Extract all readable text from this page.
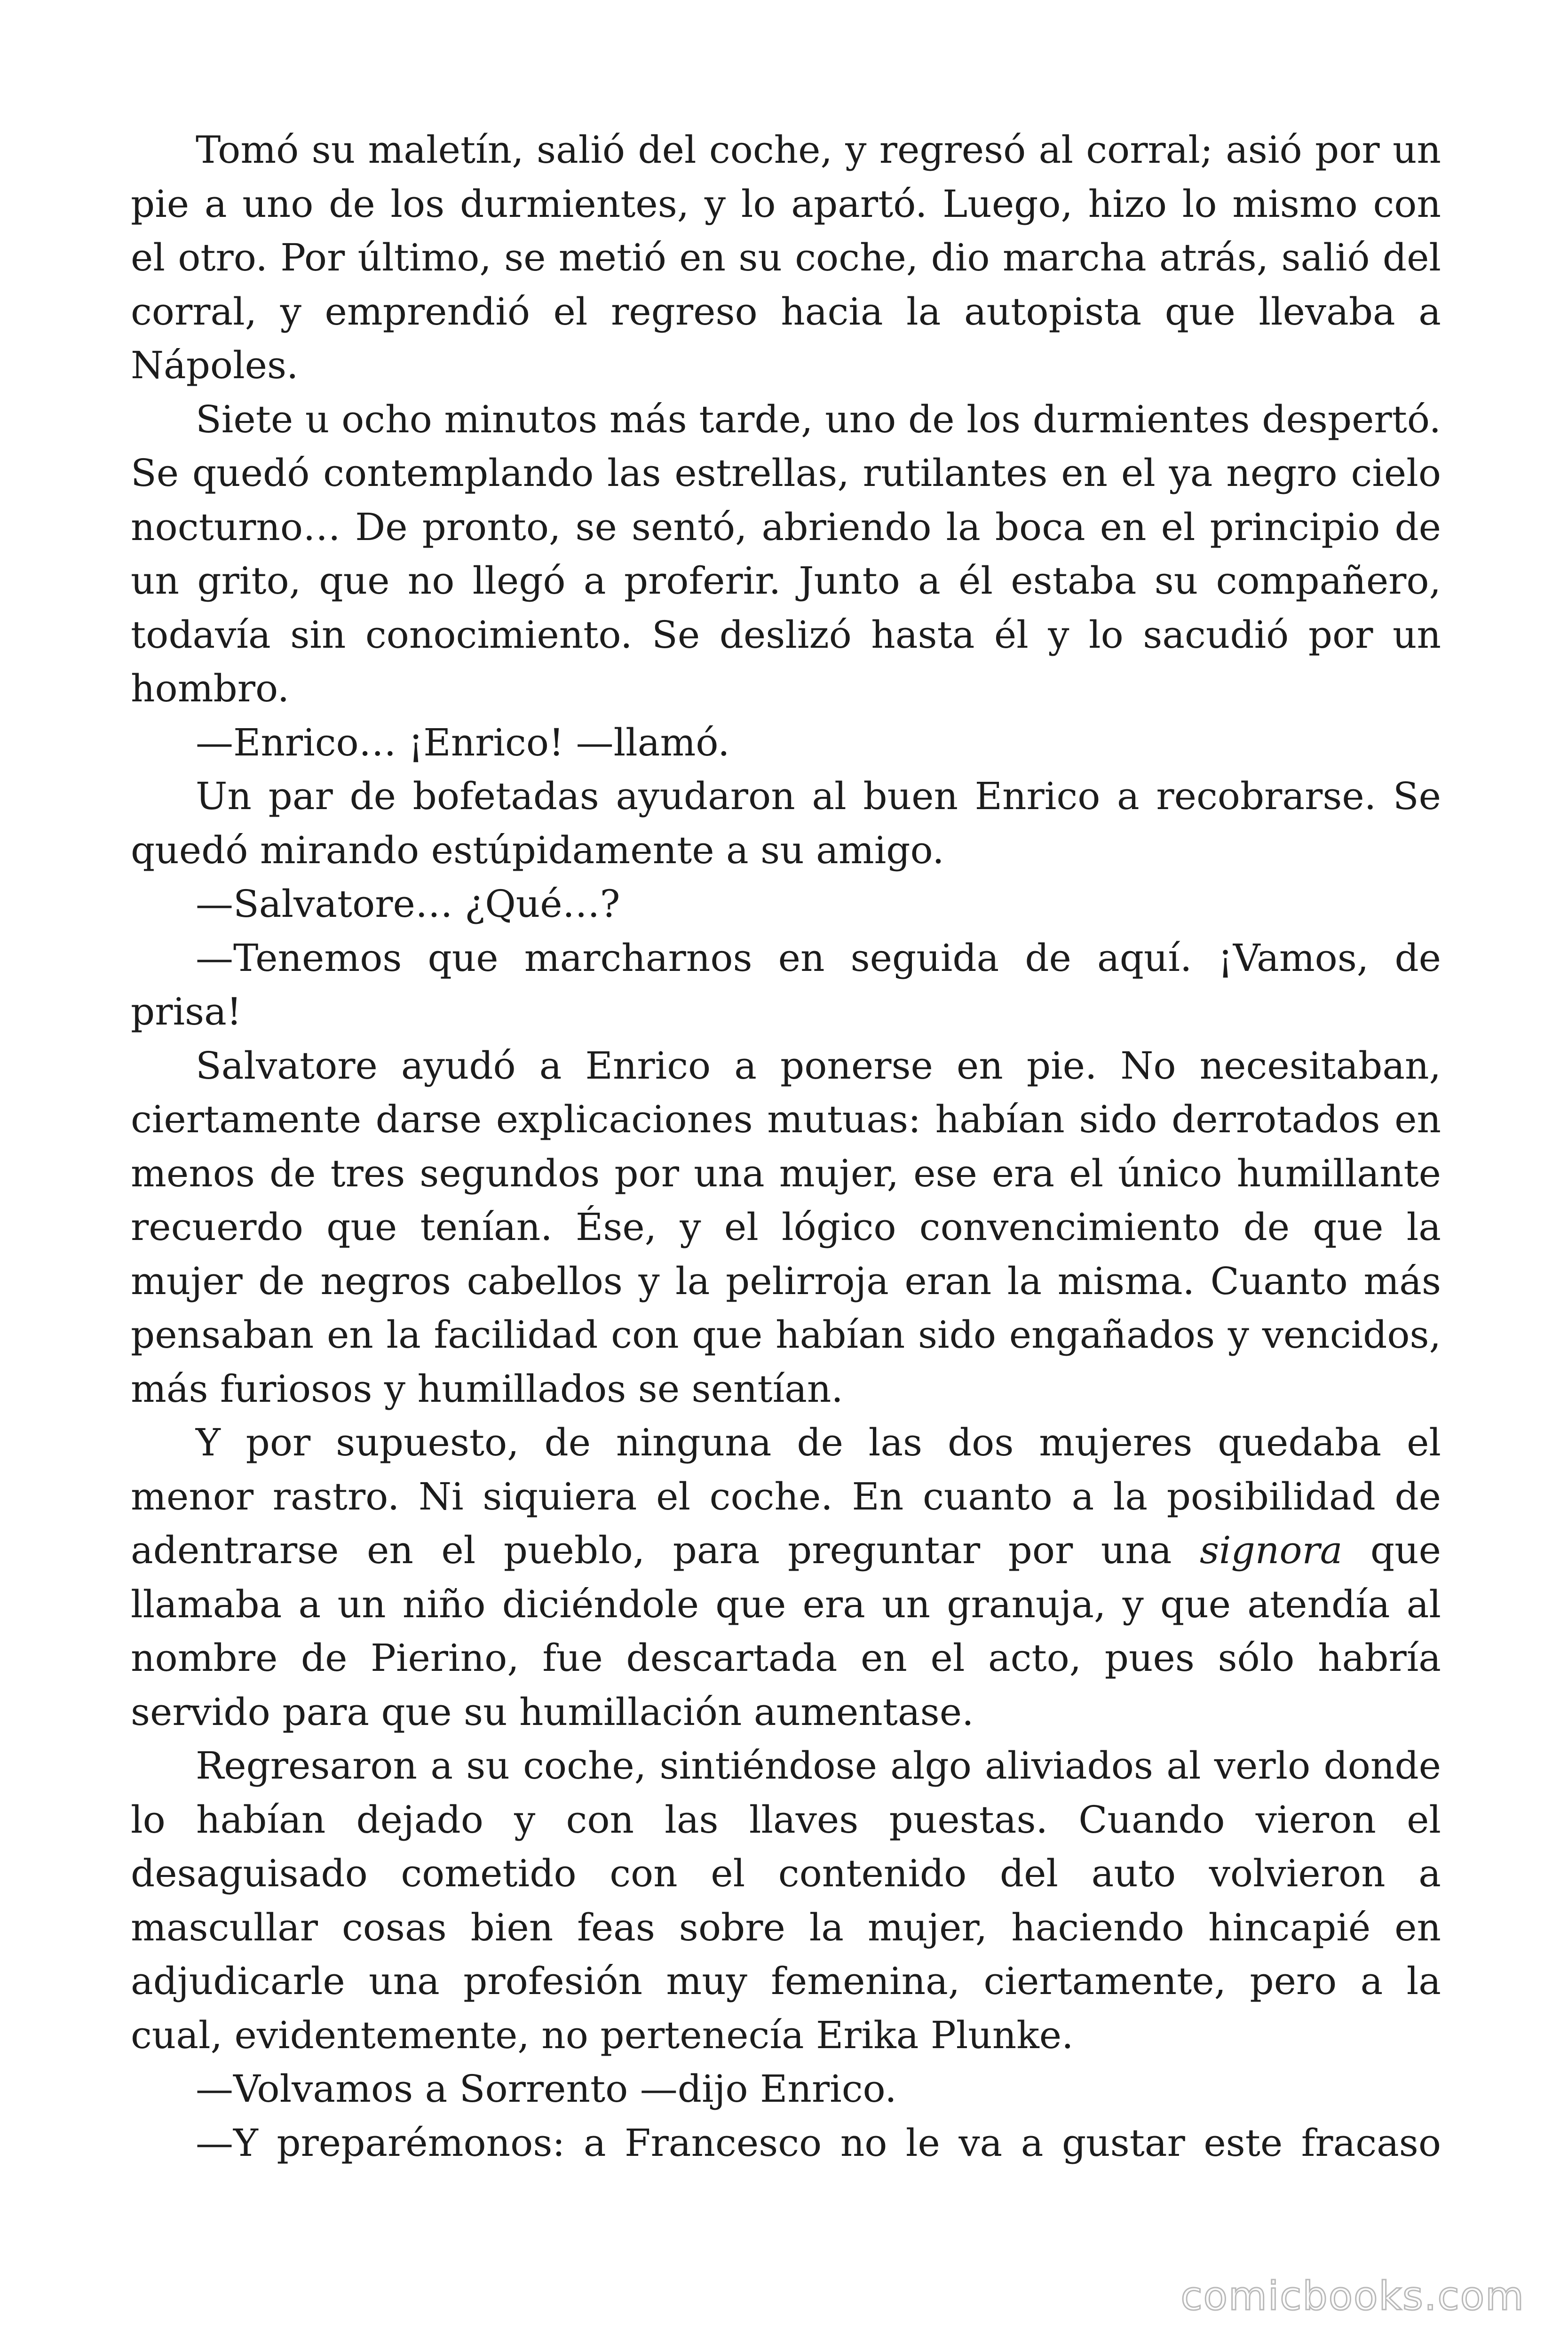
Tomó su maletín, salió del coche, y regresó al corral; asió por un pie a uno de los durmientes, y lo apartó. Luego, hizo lo mismo con el otro. Por último, se metió en su coche, dio marcha atrás, salió del corral, y emprendió el regreso hacia la autopista que llevaba a Nápoles.

Siete u ocho minutos más tarde, uno de los durmientes despertó. Se quedó contemplando las estrellas, rutilantes en el ya negro cielo nocturno… De pronto, se sentó, abriendo la boca en el principio de un grito, que no llegó a proferir. Junto a él estaba su compañero, todavía sin conocimiento. Se deslizó hasta él y lo sacudió por un hombro.

—Enrico… ¡Enrico! —llamó.

Un par de bofetadas ayudaron al buen Enrico a recobrarse. Se quedó mirando estúpidamente a su amigo.

—Salvatore… ¿Qué…?

—Tenemos que marcharnos en seguida de aquí. ¡Vamos, de prisa!

Salvatore ayudó a Enrico a ponerse en pie. No necesitaban, ciertamente darse explicaciones mutuas: habían sido derrotados en menos de tres segundos por una mujer, ese era el único humillante recuerdo que tenían. Ése, y el lógico convencimiento de que la mujer de negros cabellos y la pelirroja eran la misma. Cuanto más pensaban en la facilidad con que habían sido engañados y vencidos, más furiosos y humillados se sentían.

Y por supuesto, de ninguna de las dos mujeres quedaba el menor rastro. Ni siquiera el coche. En cuanto a la posibilidad de adentrarse en el pueblo, para preguntar por una signora que llamaba a un niño diciéndole que era un granuja, y que atendía al nombre de Pierino, fue descartada en el acto, pues sólo habría servido para que su humillación aumentase.

Regresaron a su coche, sintiéndose algo aliviados al verlo donde lo habían dejado y con las llaves puestas. Cuando vieron el desaguisado cometido con el contenido del auto volvieron a mascullar cosas bien feas sobre la mujer, haciendo hincapié en adjudicarle una profesión muy femenina, ciertamente, pero a la cual, evidentemente, no pertenecía Erika Plunke.

—Volvamos a Sorrento —dijo Enrico.

—Y preparémonos: a Francesco no le va a gustar este fracaso

comicbooks.com
